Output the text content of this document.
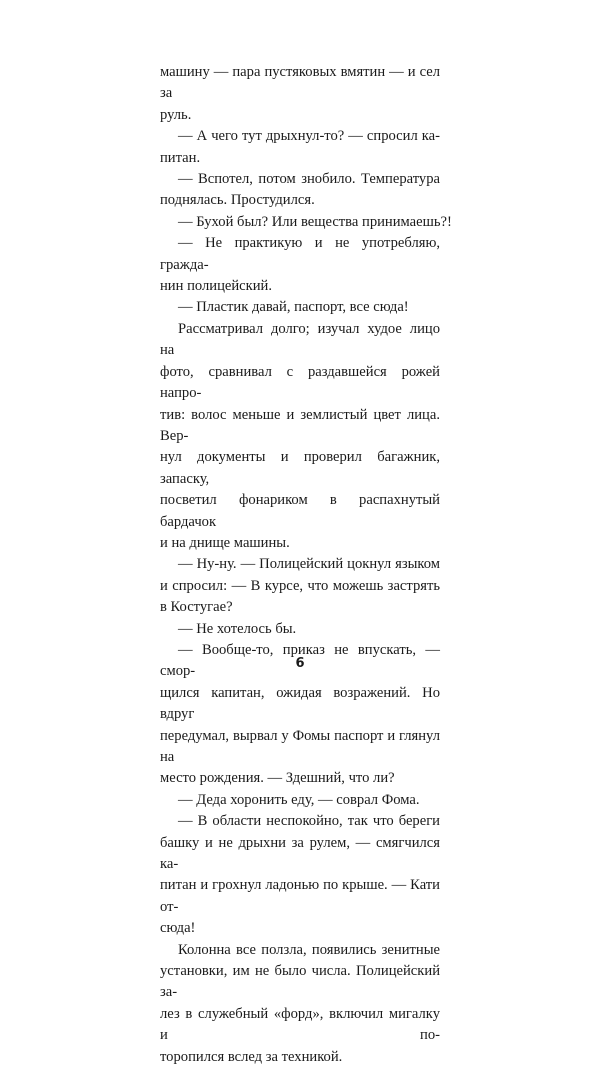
машину — пара пустяковых вмятин — и сел за
руль.
— А чего тут дрыхнул-то? — спросил ка-
питан.
— Вспотел, потом знобило. Температура
поднялась. Простудился.
— Бухой был? Или вещества принимаешь?!
— Не практикую и не употребляю, гражда-
нин полицейский.
— Пластик давай, паспорт, все сюда!
Рассматривал долго; изучал худое лицо на
фото, сравнивал с раздавшейся рожей напро-
тив: волос меньше и землистый цвет лица. Вер-
нул документы и проверил багажник, запаску,
посветил фонариком в распахнутый бардачок
и на днище машины.
— Ну-ну. — Полицейский цокнул языком
и спросил: — В курсе, что можешь застрять
в Костугае?
— Не хотелось бы.
— Вообще-то, приказ не впускать, — смор-
щился капитан, ожидая возражений. Но вдруг
передумал, вырвал у Фомы паспорт и глянул на
место рождения. — Здешний, что ли?
— Деда хоронить еду, — соврал Фома.
— В области неспокойно, так что береги
башку и не дрыхни за рулем, — смягчился ка-
питан и грохнул ладонью по крыше. — Кати от-
сюда!
Колонна все ползла, появились зенитные
установки, им не было числа. Полицейский за-
лез в служебный «форд», включил мигалку и по-
торопился вслед за техникой.
6
